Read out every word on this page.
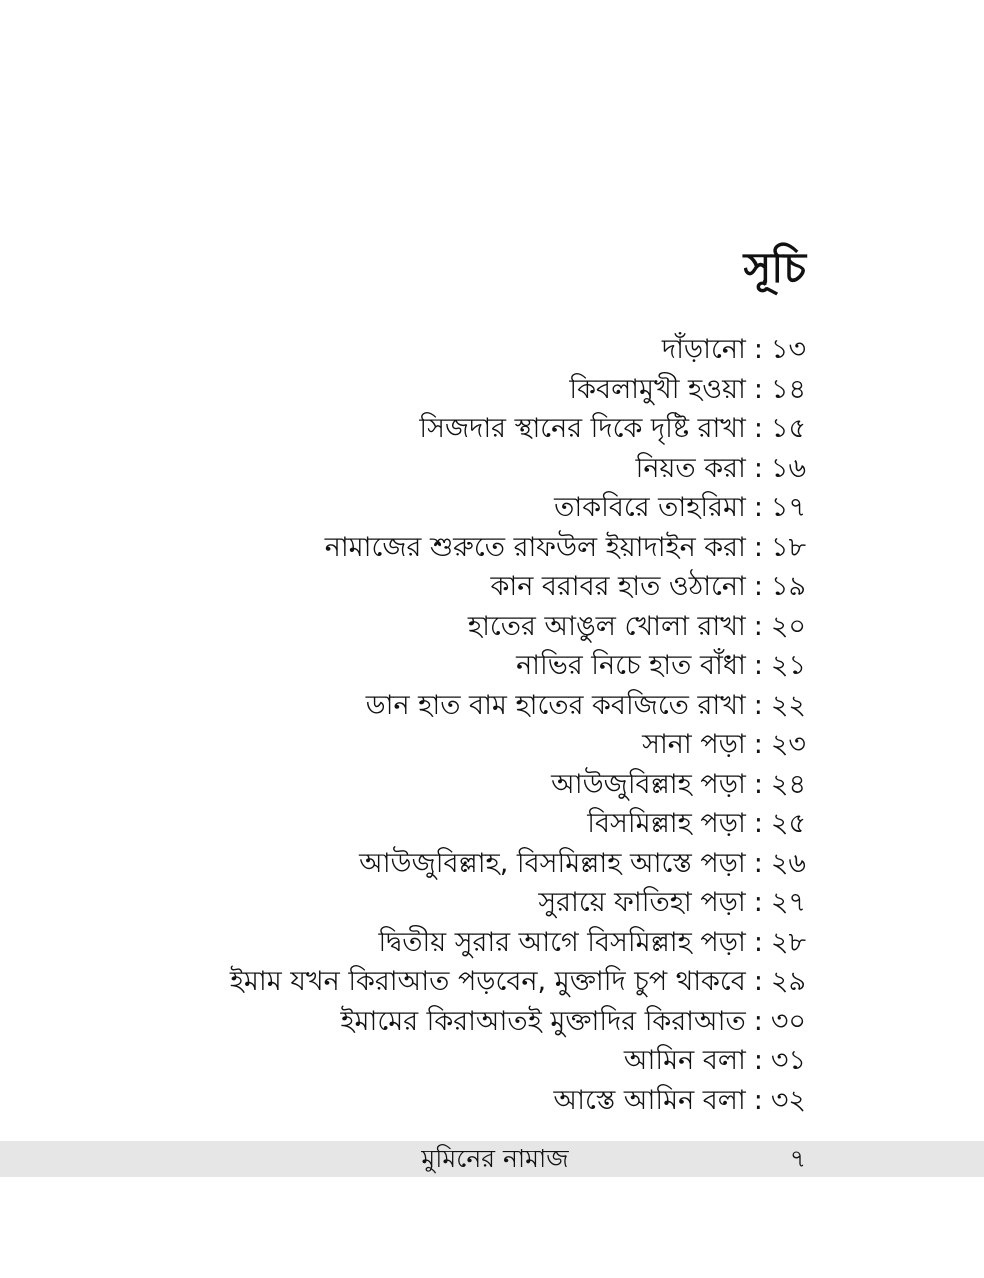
সূচি
দাঁড়ানো : ১৩
কিবলামুখী হওয়া : ১৪
সিজদার স্থানের দিকে দৃষ্টি রাখা : ১৫
নিয়ত করা : ১৬
তাকবিরে তাহরিমা : ১৭
নামাজের শুরুতে রাফউল ইয়াদাইন করা : ১৮
কান বরাবর হাত ওঠানো : ১৯
হাতের আঙুল খোলা রাখা : ২০
নাভির নিচে হাত বাঁধা : ২১
ডান হাত বাম হাতের কবজিতে রাখা : ২২
সানা পড়া : ২৩
আউজুবিল্লাহ পড়া : ২৪
বিসমিল্লাহ পড়া : ২৫
আউজুবিল্লাহ, বিসমিল্লাহ আস্তে পড়া : ২৬
সুরায়ে ফাতিহা পড়া : ২৭
দ্বিতীয় সুরার আগে বিসমিল্লাহ পড়া : ২৮
ইমাম যখন কিরাআত পড়বেন, মুক্তাদি চুপ থাকবে : ২৯
ইমামের কিরাআতই মুক্তাদির কিরাআত : ৩০
আমিন বলা : ৩১
আস্তে আমিন বলা : ৩২
মুমিনের নামাজ	৭
